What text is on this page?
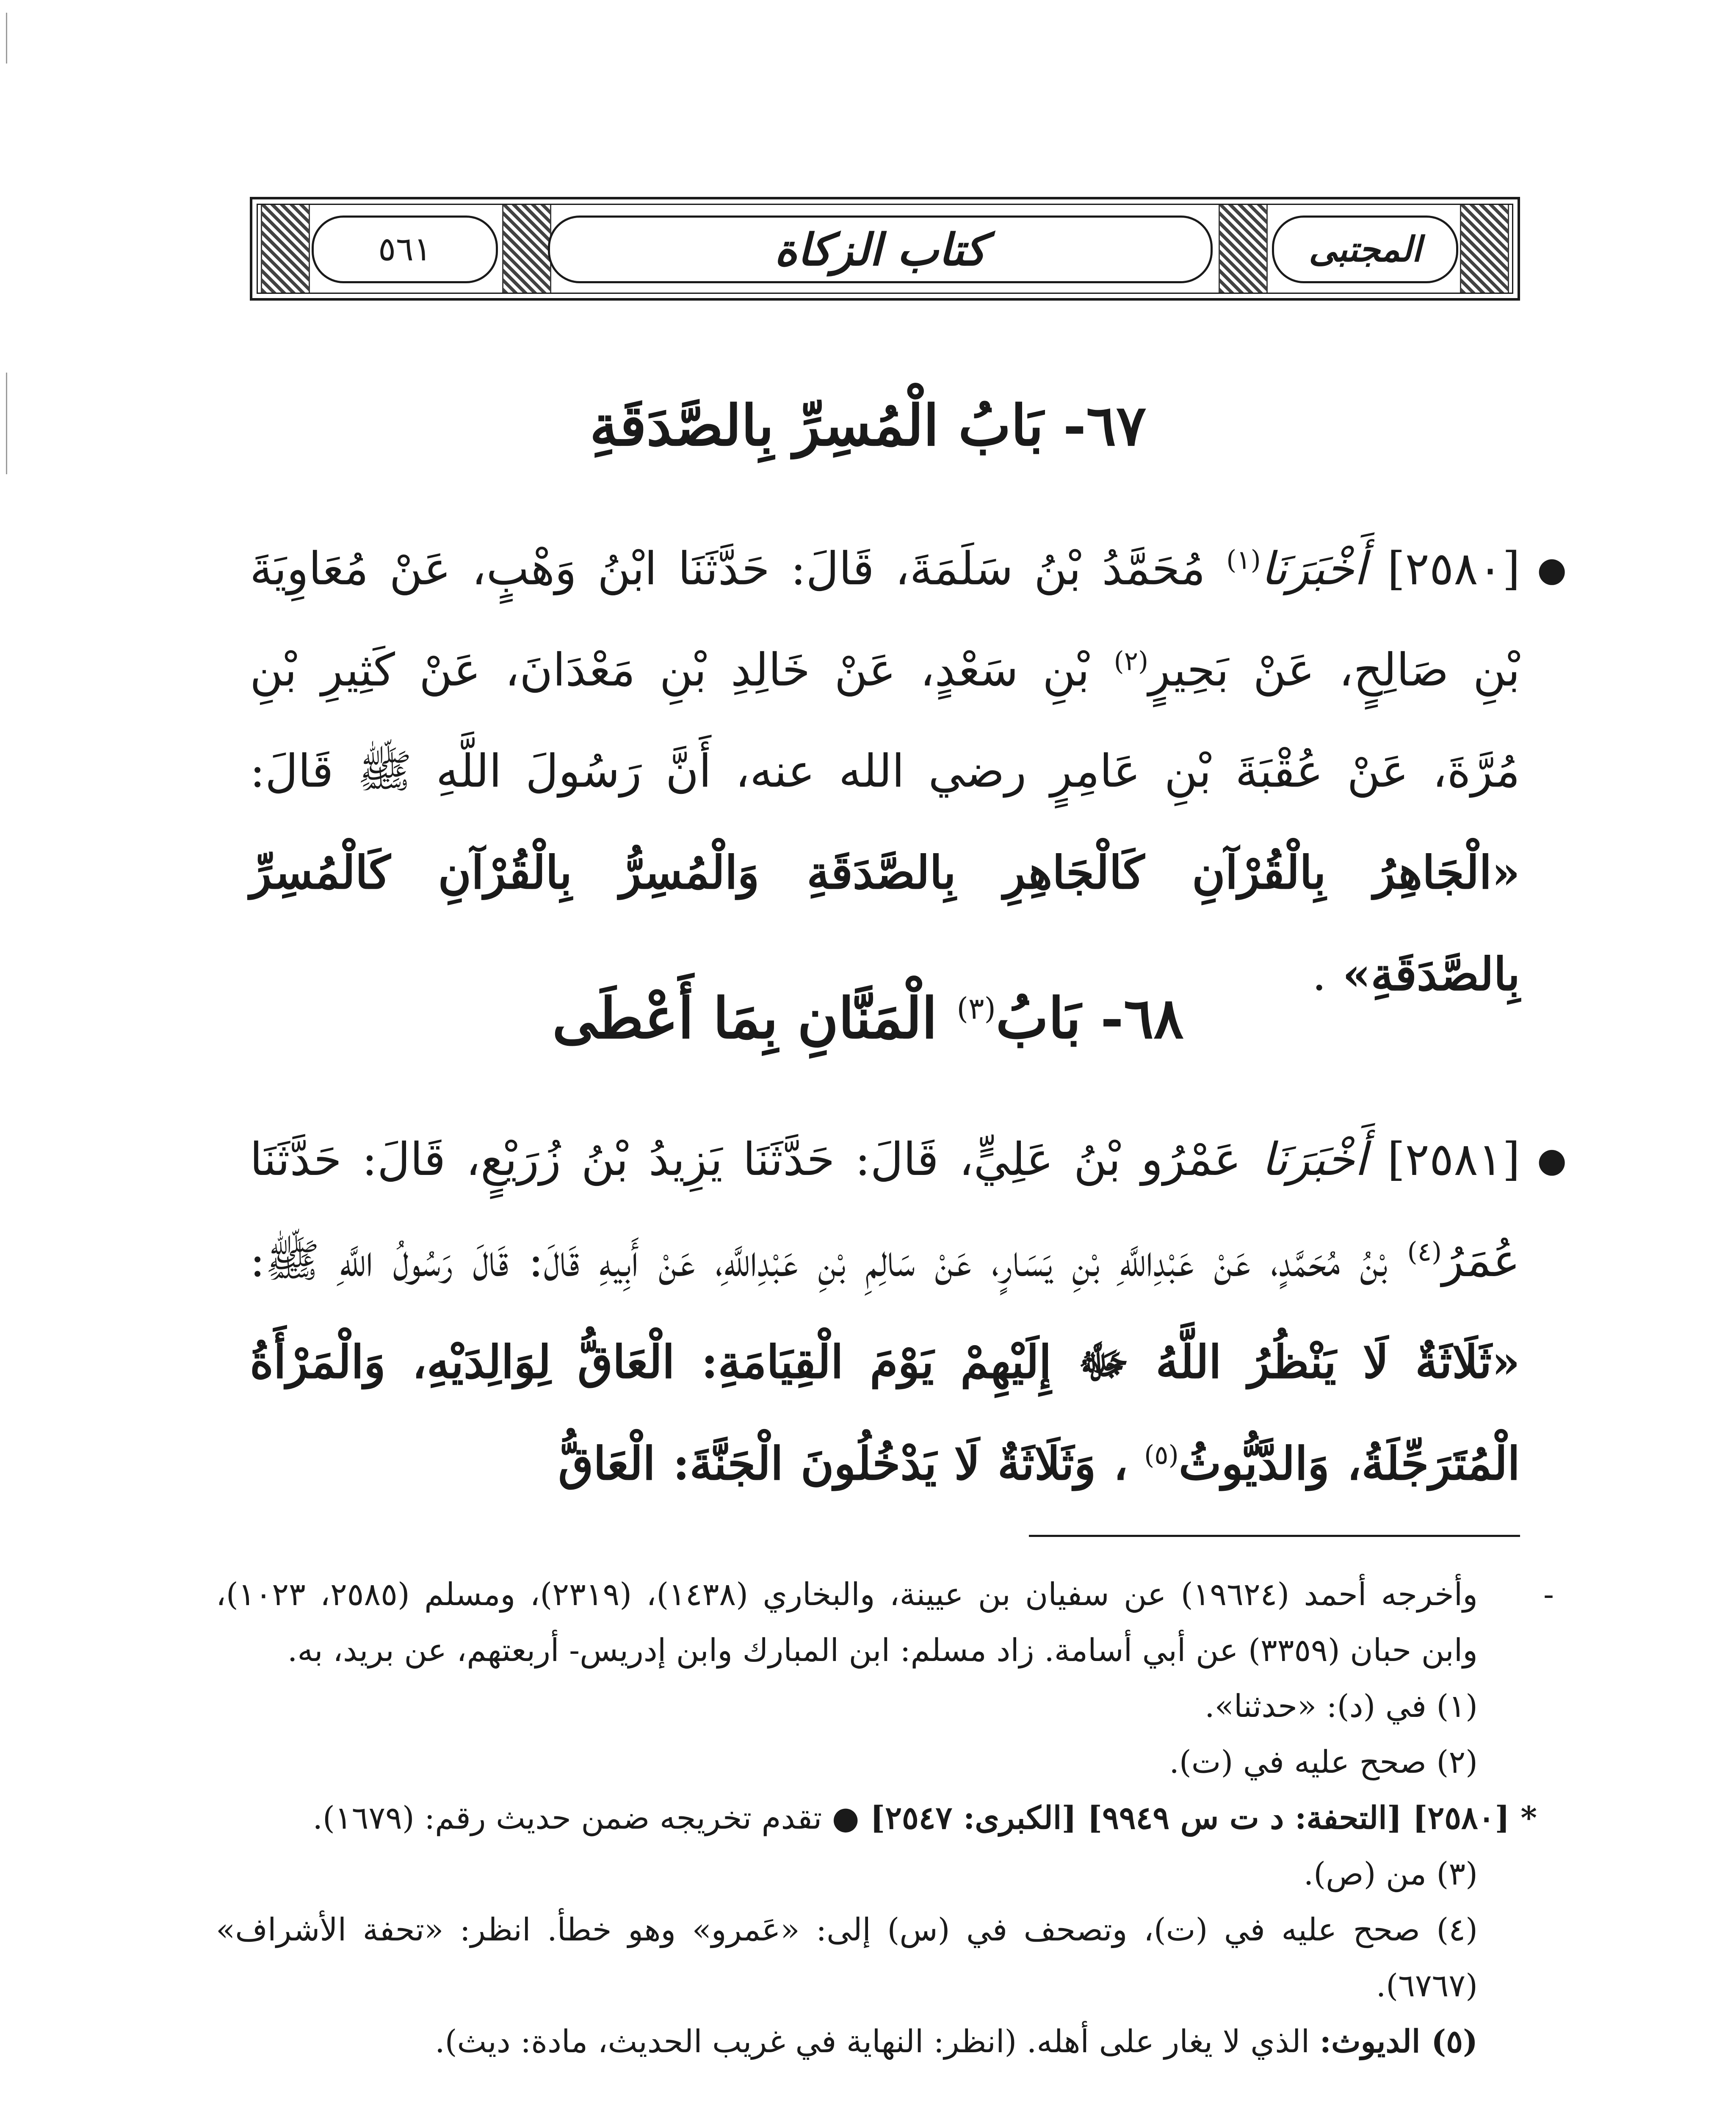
المجتبى
كتاب الزكاة
٥٦١
٦٧- بَابُ الْمُسِرِّ بِالصَّدَقَةِ
●
[٢٥٨٠] أَخْبَرَنَا$^{(١)}$ مُحَمَّدُ بْنُ سَلَمَةَ، قَالَ: حَدَّثَنَا ابْنُ وَهْبٍ، عَنْ مُعَاوِيَةَ بْنِ صَالِحٍ، عَنْ بَحِيرٍ$^{(٢)}$ بْنِ سَعْدٍ، عَنْ خَالِدِ بْنِ مَعْدَانَ، عَنْ كَثِيرِ بْنِ مُرَّةَ، عَنْ عُقْبَةَ بْنِ عَامِرٍ رضي الله عنه، أَنَّ رَسُولَ اللَّهِ ﷺ قَالَ: «الْجَاهِرُ بِالْقُرْآنِ كَالْجَاهِرِ بِالصَّدَقَةِ وَالْمُسِرُّ بِالْقُرْآنِ كَالْمُسِرِّ بِالصَّدَقَةِ» .
٦٨- بَابُ$^{(٣)}$ الْمَنَّانِ بِمَا أَعْطَى
●
[٢٥٨١] أَخْبَرَنَا عَمْرُو بْنُ عَلِيٍّ، قَالَ: حَدَّثَنَا يَزِيدُ بْنُ زُرَيْعٍ، قَالَ: حَدَّثَنَا عُمَرُ$^{(٤)}$ بْنُ مُحَمَّدٍ، عَنْ عَبْدِاللَّهِ بْنِ يَسَارٍ، عَنْ سَالِمِ بْنِ عَبْدِاللَّهِ، عَنْ أَبِيهِ قَالَ: قَالَ رَسُولُ اللَّهِ ﷺ: «ثَلَاثَةٌ لَا يَنْظُرُ اللَّهُ ﷻ إِلَيْهِمْ يَوْمَ الْقِيَامَةِ: الْعَاقُّ لِوَالِدَيْهِ، وَالْمَرْأَةُ الْمُتَرَجِّلَةُ، وَالدَّيُّوثُ$^{(٥)}$ ، وَثَلَاثَةٌ لَا يَدْخُلُونَ الْجَنَّةَ: الْعَاقُّ

- وأخرجه أحمد (١٩٦٢٤) عن سفيان بن عيينة، والبخاري (١٤٣٨)، (٢٣١٩)، ومسلم (٢٥٨٥، ١٠٢٣)، وابن حبان (٣٣٥٩) عن أبي أسامة. زاد مسلم: ابن المبارك وابن إدريس- أربعتهم، عن بريد، به.

(١) في (د): «حدثنا».

(٢) صحح عليه في (ت).

* [٢٥٨٠] [التحفة: د ت س ٩٩٤٩] [الكبرى: ٢٥٤٧] ● تقدم تخريجه ضمن حديث رقم: (١٦٧٩).

(٣) من (ص).

(٤) صحح عليه في (ت)، وتصحف في (س) إلى: «عَمرو» وهو خطأ. انظر: «تحفة الأشراف» (٦٧٦٧).

(٥) الديوث: الذي لا يغار على أهله. (انظر: النهاية في غريب الحديث، مادة: ديث).
